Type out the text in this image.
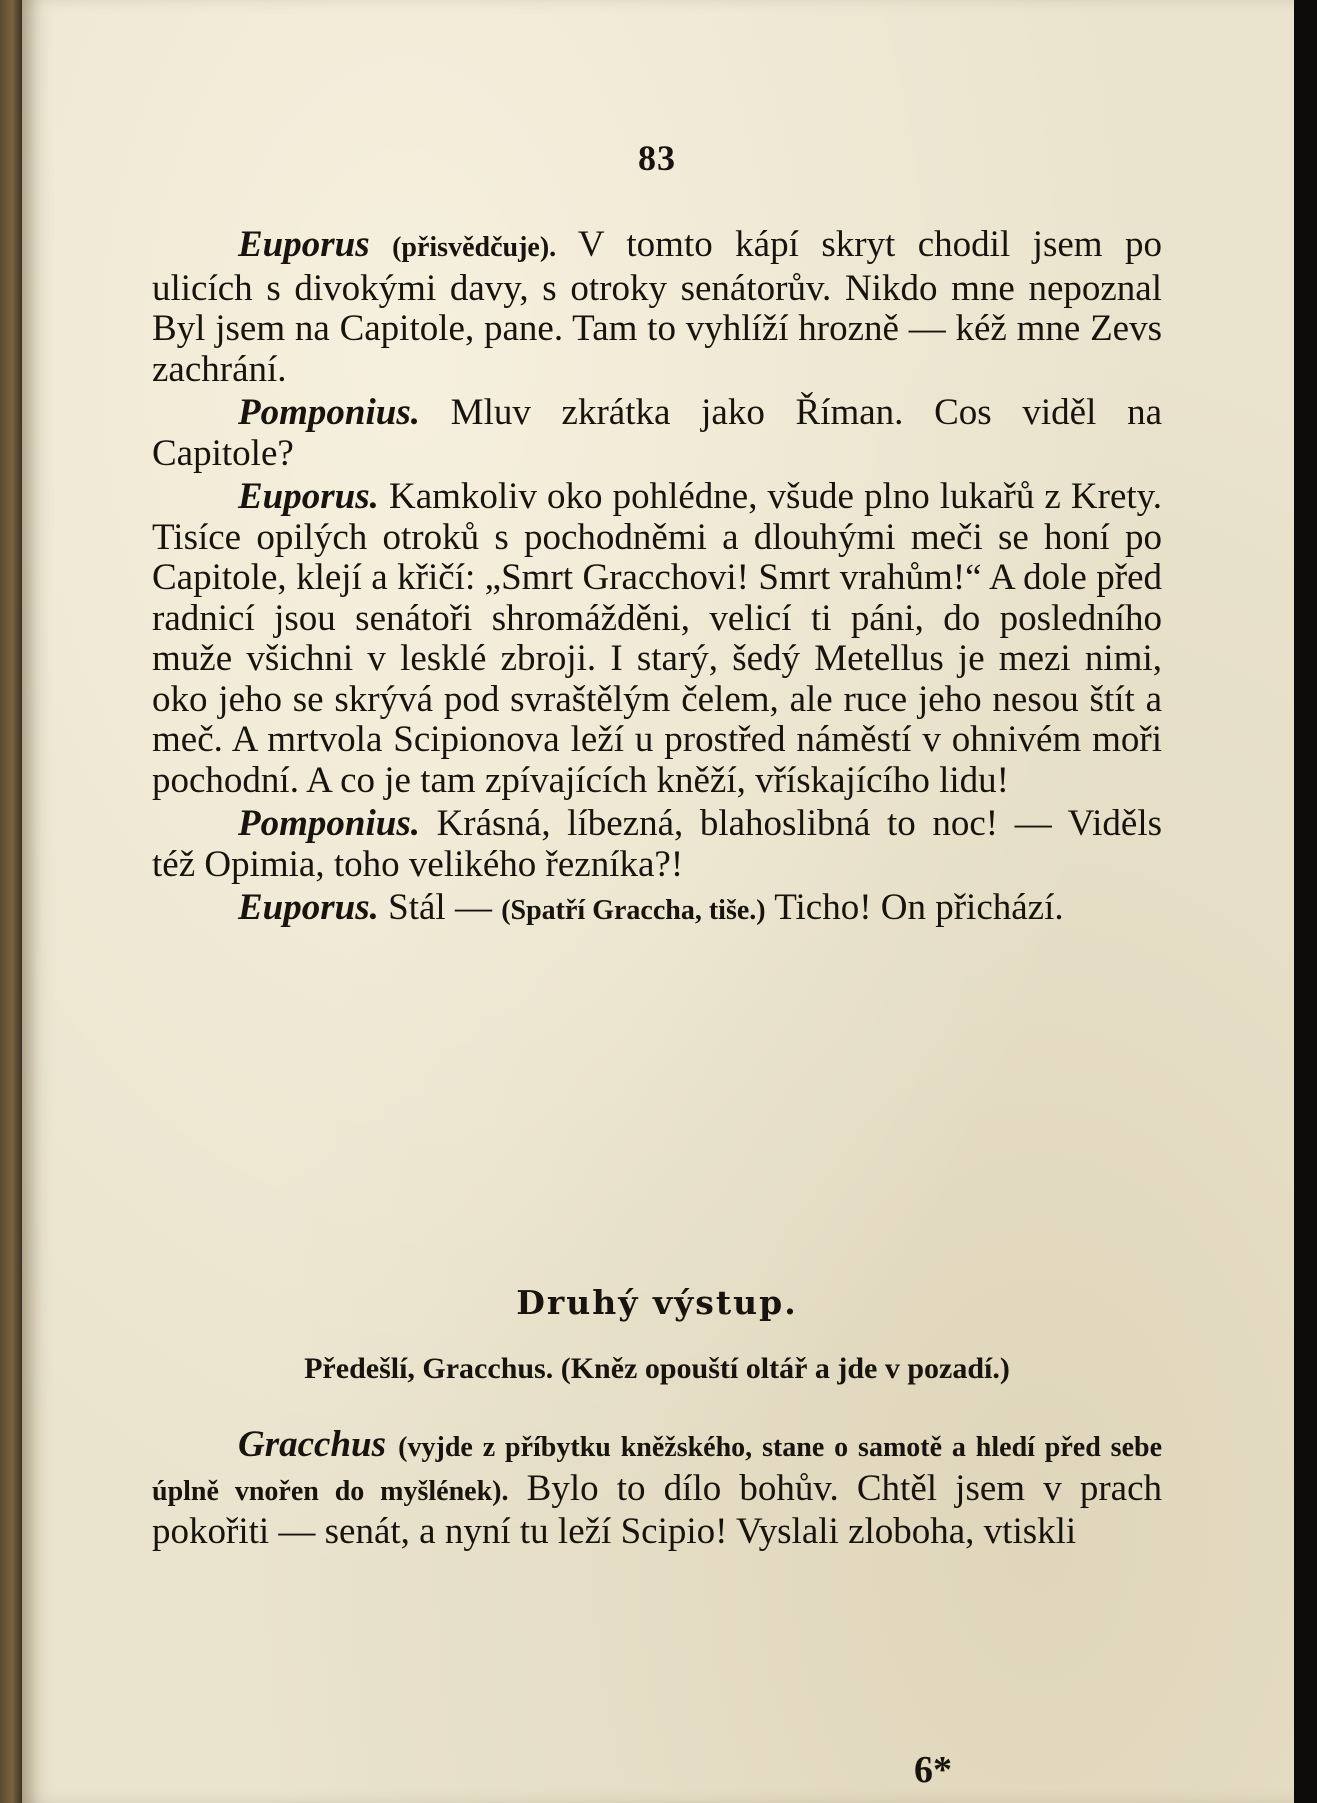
83

Euporus (přisvědčuje). V tomto kápí skryt chodil jsem po ulicích s divokými davy, s otroky senátorův. Nikdo mne nepoznal Byl jsem na Capitole, pane. Tam to vyhlíží hrozně — kéž mne Zevs zachrání.

Pomponius. Mluv zkrátka jako Říman. Cos viděl na Capitole?

Euporus. Kamkoliv oko pohlédne, všude plno lukařů z Krety. Tisíce opilých otroků s pochodněmi a dlouhými meči se honí po Capitole, klejí a křičí: „Smrt Gracchovi! Smrt vrahům!“ A dole před radnicí jsou senátoři shromážděni, velicí ti páni, do posledního muže všichni v lesklé zbroji. I starý, šedý Metellus je mezi nimi, oko jeho se skrývá pod svraštělým čelem, ale ruce jeho nesou štít a meč. A mrtvola Scipionova leží u prostřed náměstí v ohnivém moři pochodní. A co je tam zpívajících kněží, vřískajícího lidu!

Pomponius. Krásná, líbezná, blahoslibná to noc! — Viděls též Opimia, toho velikého řezníka?!

Euporus. Stál — (Spatří Graccha, tiše.) Ticho! On přichází.

Druhý výstup.
Předešlí, Gracchus. (Kněz opouští oltář a jde v pozadí.)

Gracchus (vyjde z příbytku kněžského, stane o samotě a hledí před sebe úplně vnořen do myšlének). Bylo to dílo bohův. Chtěl jsem v prach pokořiti — senát, a nyní tu leží Scipio! Vyslali zloboha, vtiskli

6*
